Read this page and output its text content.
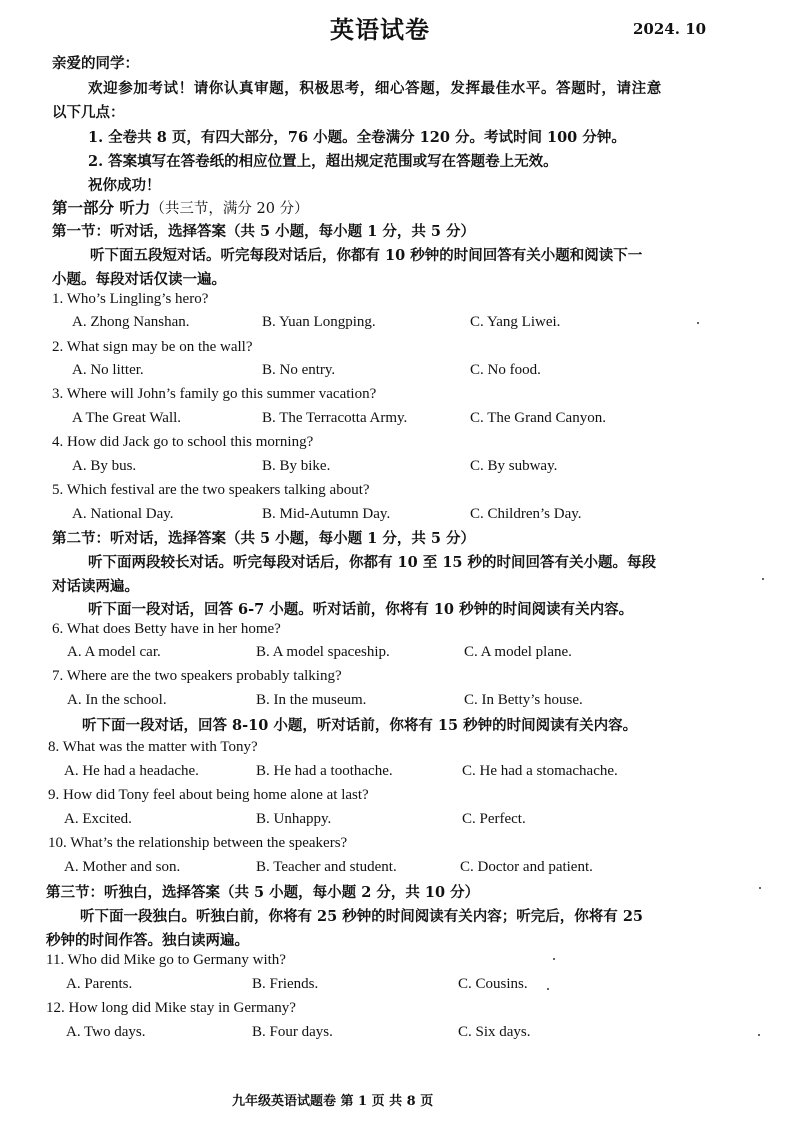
英语试卷	2024. 10
亲爱的同学：
欢迎参加考试！请你认真审题，积极思考，细心答题，发挥最佳水平。答题时，请注意
以下几点：
1. 全卷共 8 页，有四大部分，76 小题。全卷满分 120 分。考试时间 100 分钟。
2. 答案填写在答卷纸的相应位置上，超出规定范围或写在答题卷上无效。
祝你成功！
第一部分 听力（共三节，满分 20 分）
第一节：听对话，选择答案（共 5 小题，每小题 1 分，共 5 分）
听下面五段短对话。听完每段对话后，你都有 10 秒钟的时间回答有关小题和阅读下一
小题。每段对话仅读一遍。
1. Who’s Lingling’s hero?
A. Zhong Nanshan.	B. Yuan Longping.	C. Yang Liwei.
2. What sign may be on the wall?
A. No litter.	B. No entry.	C. No food.
3. Where will John’s family go this summer vacation?
A The Great Wall.	B. The Terracotta Army.	C. The Grand Canyon.
4. How did Jack go to school this morning?
A. By bus.	B. By bike.	C. By subway.
5. Which festival are the two speakers talking about?
A. National Day.	B. Mid-Autumn Day.	C. Children’s Day.
第二节：听对话，选择答案（共 5 小题，每小题 1 分，共 5 分）
听下面两段较长对话。听完每段对话后，你都有 10 至 15 秒的时间回答有关小题。每段
对话读两遍。
听下面一段对话，回答 6-7 小题。听对话前，你将有 10 秒钟的时间阅读有关内容。
6. What does Betty have in her home?
A. A model car.	B. A model spaceship.	C. A model plane.
7. Where are the two speakers probably talking?
A. In the school.	B. In the museum.	C. In Betty’s house.
听下面一段对话，回答 8-10 小题，听对话前，你将有 15 秒钟的时间阅读有关内容。
8. What was the matter with Tony?
A. He had a headache.	B. He had a toothache.	C. He had a stomachache.
9. How did Tony feel about being home alone at last?
A. Excited.	B. Unhappy.	C. Perfect.
10. What’s the relationship between the speakers?
A. Mother and son.	B. Teacher and student.	C. Doctor and patient.
第三节：听独白，选择答案（共 5 小题，每小题 2 分，共 10 分）
听下面一段独白。听独白前，你将有 25 秒钟的时间阅读有关内容；听完后，你将有 25
秒钟的时间作答。独白读两遍。
11. Who did Mike go to Germany with?
A. Parents.	B. Friends.	C. Cousins.
12. How long did Mike stay in Germany?
A. Two days.	B. Four days.	C. Six days.
九年级英语试题卷 第 1 页 共 8 页
